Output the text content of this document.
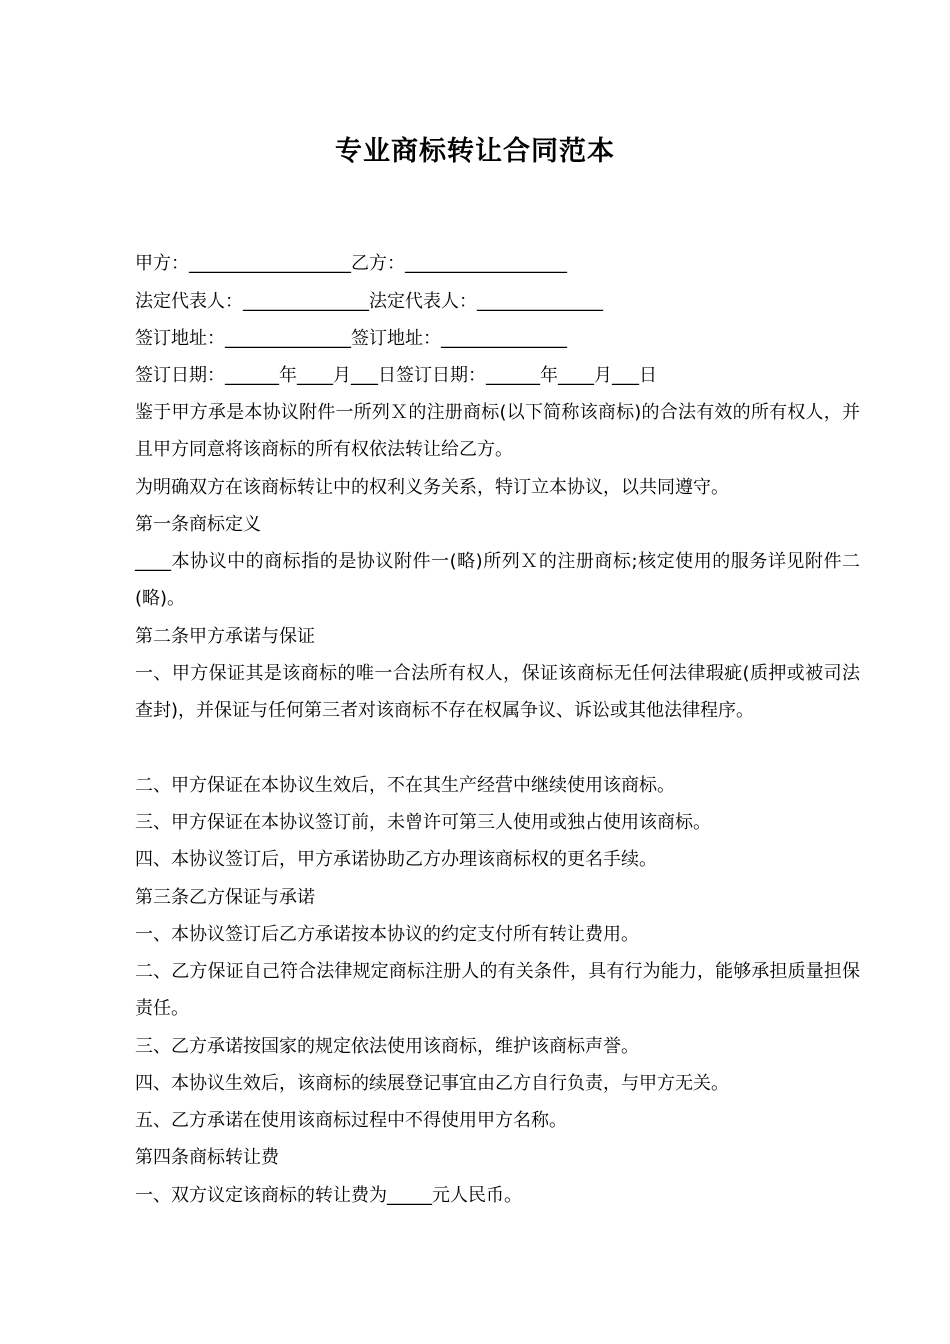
专业商标转让合同范本
甲方：__________________乙方：__________________
法定代表人：______________法定代表人：______________
签订地址：______________签订地址：______________
签订日期：______年____月___日签订日期：______年____月___日
鉴于甲方承是本协议附件一所列Ｘ的注册商标(以下简称该商标)的合法有效的所有权人，并且甲方同意将该商标的所有权依法转让给乙方。
为明确双方在该商标转让中的权利义务关系，特订立本协议，以共同遵守。
第一条商标定义
____本协议中的商标指的是协议附件一(略)所列Ｘ的注册商标;核定使用的服务详见附件二(略)。
第二条甲方承诺与保证
一、甲方保证其是该商标的唯一合法所有权人，保证该商标无任何法律瑕疵(质押或被司法查封)，并保证与任何第三者对该商标不存在权属争议、诉讼或其他法律程序。
二、甲方保证在本协议生效后，不在其生产经营中继续使用该商标。
三、甲方保证在本协议签订前，未曾许可第三人使用或独占使用该商标。
四、本协议签订后，甲方承诺协助乙方办理该商标权的更名手续。
第三条乙方保证与承诺
一、本协议签订后乙方承诺按本协议的约定支付所有转让费用。
二、乙方保证自己符合法律规定商标注册人的有关条件，具有行为能力，能够承担质量担保责任。
三、乙方承诺按国家的规定依法使用该商标，维护该商标声誉。
四、本协议生效后，该商标的续展登记事宜由乙方自行负责，与甲方无关。
五、乙方承诺在使用该商标过程中不得使用甲方名称。
第四条商标转让费
一、双方议定该商标的转让费为_____元人民币。
